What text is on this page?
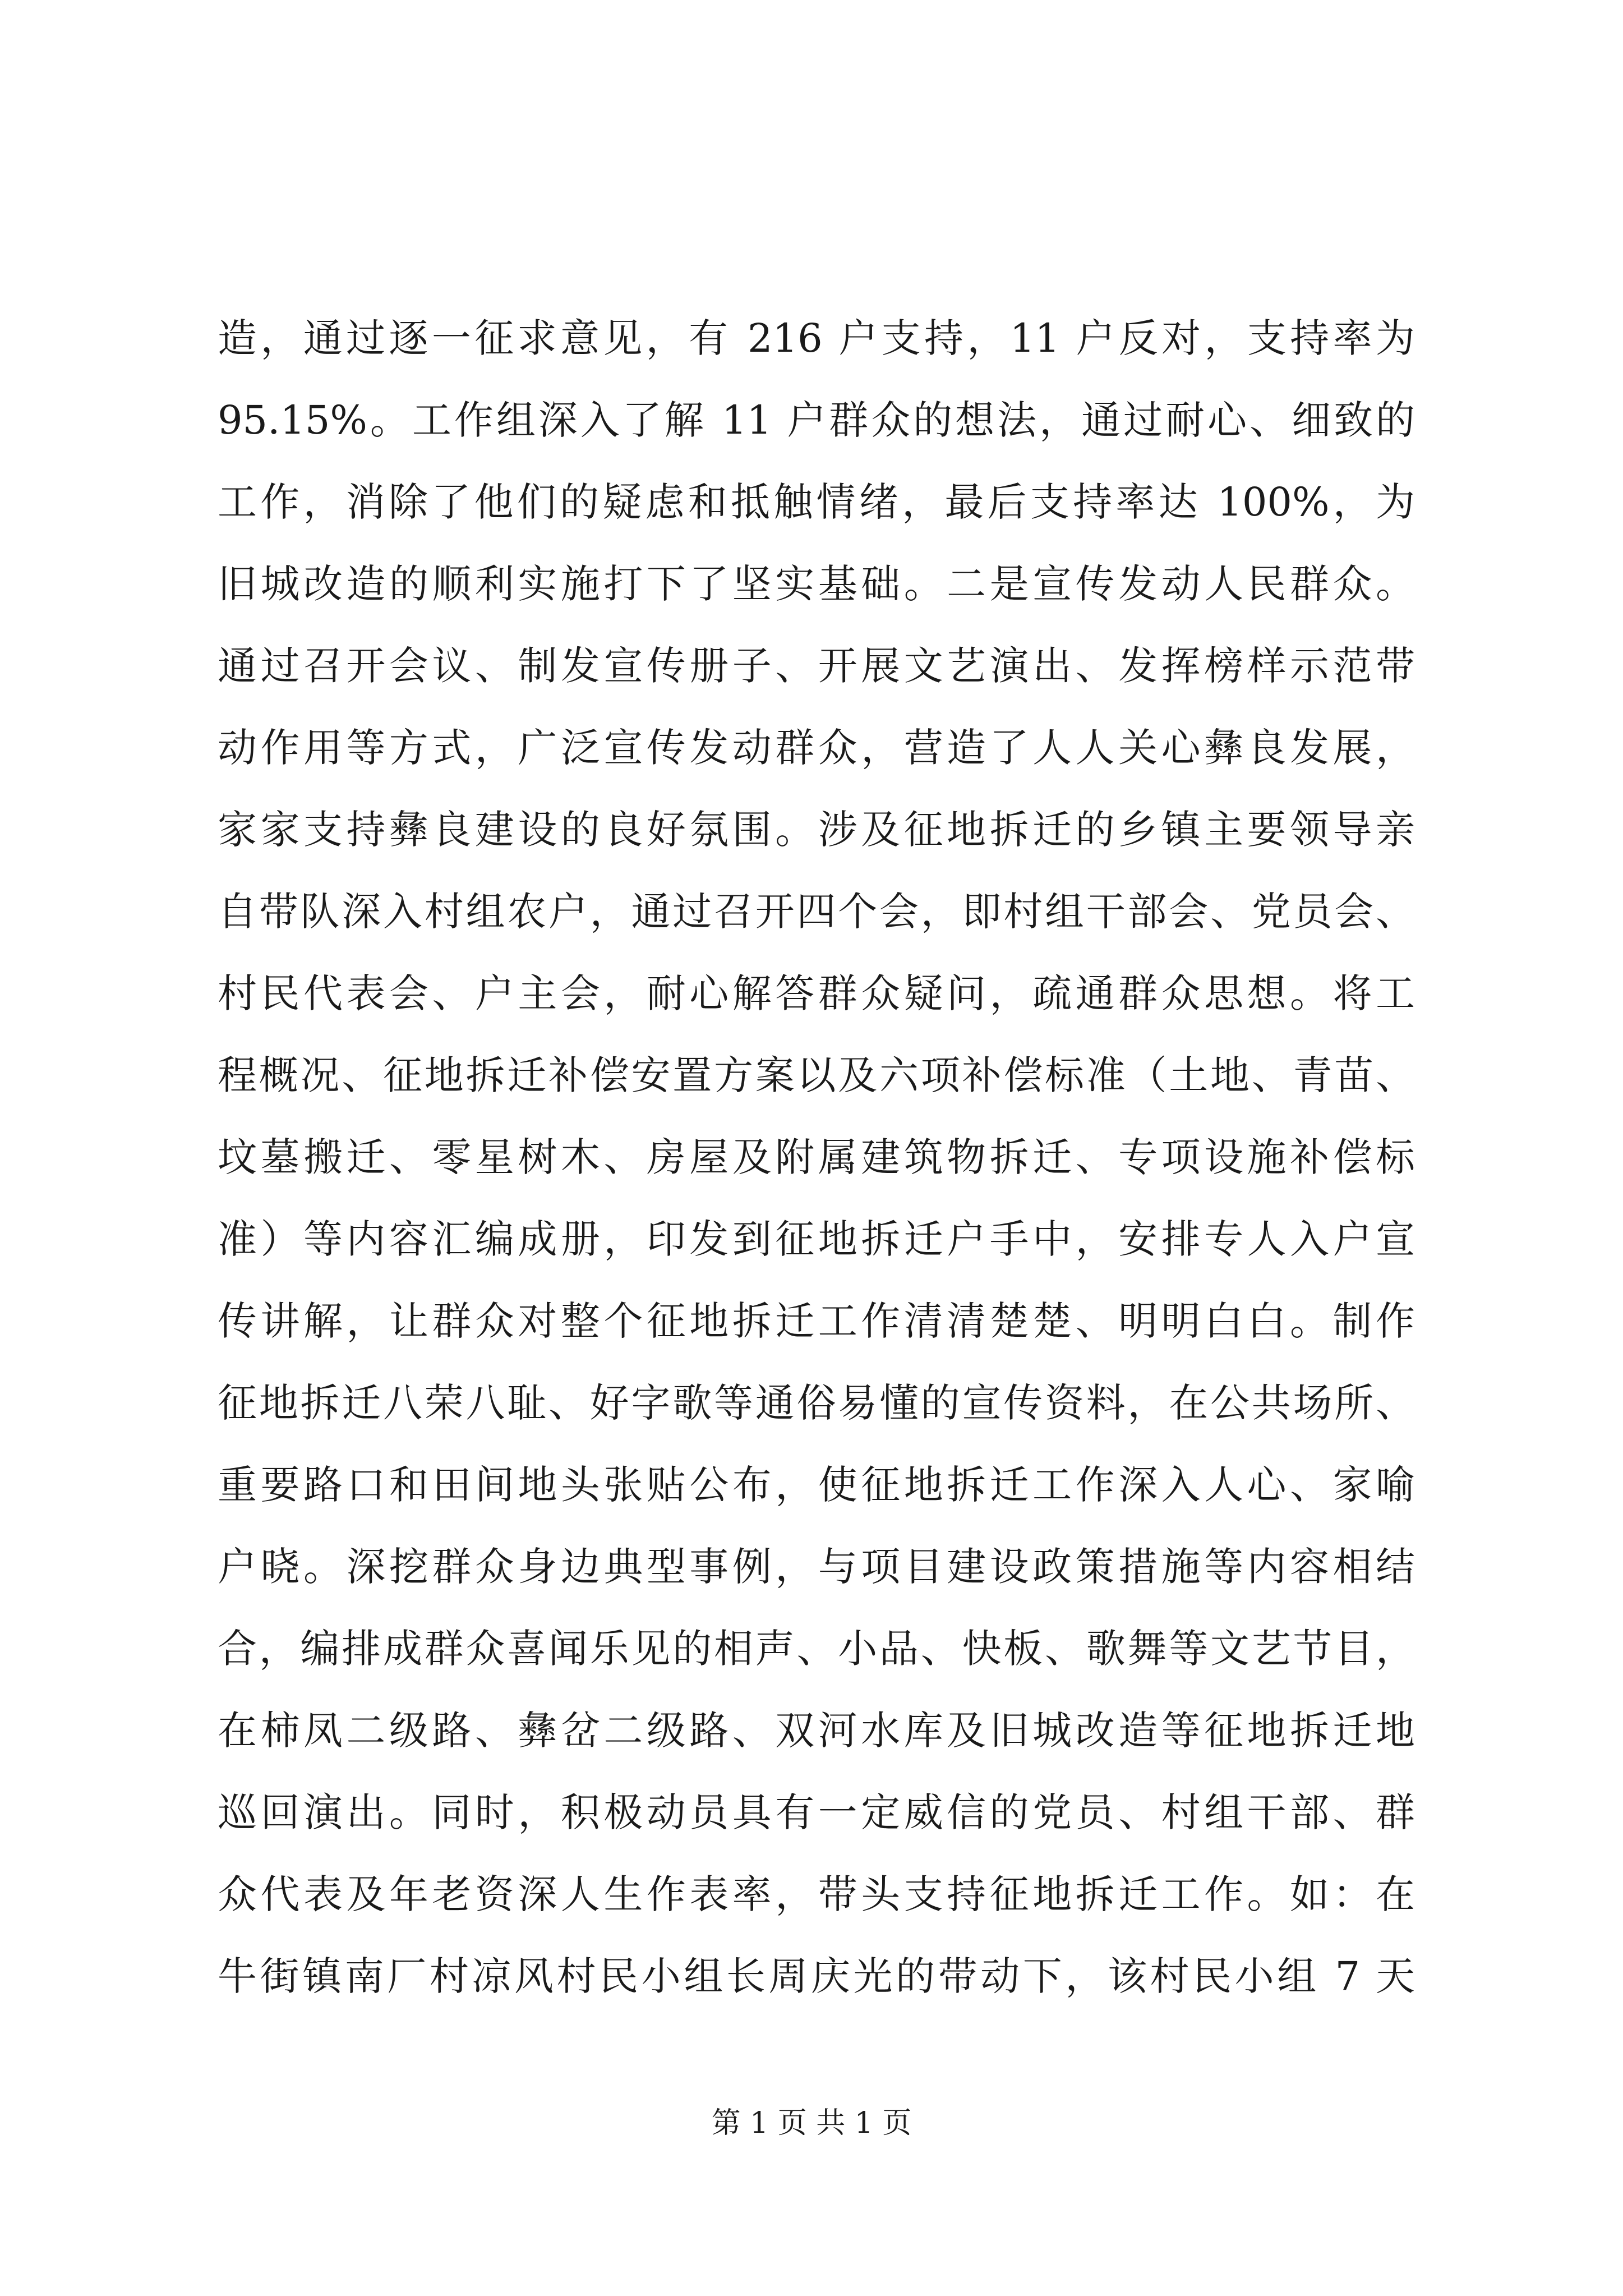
造，通过逐一征求意见，有 216 户支持，11 户反对，支持率为
95.15%。工作组深入了解 11 户群众的想法，通过耐心、细致的
工作，消除了他们的疑虑和抵触情绪，最后支持率达 100%，为
旧城改造的顺利实施打下了坚实基础。二是宣传发动人民群众。
通过召开会议、制发宣传册子、开展文艺演出、发挥榜样示范带
动作用等方式，广泛宣传发动群众，营造了人人关心彝良发展，
家家支持彝良建设的良好氛围。涉及征地拆迁的乡镇主要领导亲
自带队深入村组农户，通过召开四个会，即村组干部会、党员会、
村民代表会、户主会，耐心解答群众疑问，疏通群众思想。将工
程概况、征地拆迁补偿安置方案以及六项补偿标准（土地、青苗、
坟墓搬迁、零星树木、房屋及附属建筑物拆迁、专项设施补偿标
准）等内容汇编成册，印发到征地拆迁户手中，安排专人入户宣
传讲解，让群众对整个征地拆迁工作清清楚楚、明明白白。制作
征地拆迁八荣八耻、好字歌等通俗易懂的宣传资料，在公共场所、
重要路口和田间地头张贴公布，使征地拆迁工作深入人心、家喻
户晓。深挖群众身边典型事例，与项目建设政策措施等内容相结
合，编排成群众喜闻乐见的相声、小品、快板、歌舞等文艺节目，
在柿凤二级路、彝岔二级路、双河水库及旧城改造等征地拆迁地
巡回演出。同时，积极动员具有一定威信的党员、村组干部、群
众代表及年老资深人生作表率，带头支持征地拆迁工作。如：在
牛街镇南厂村凉风村民小组长周庆光的带动下，该村民小组 7 天
第 1 页 共 1 页
